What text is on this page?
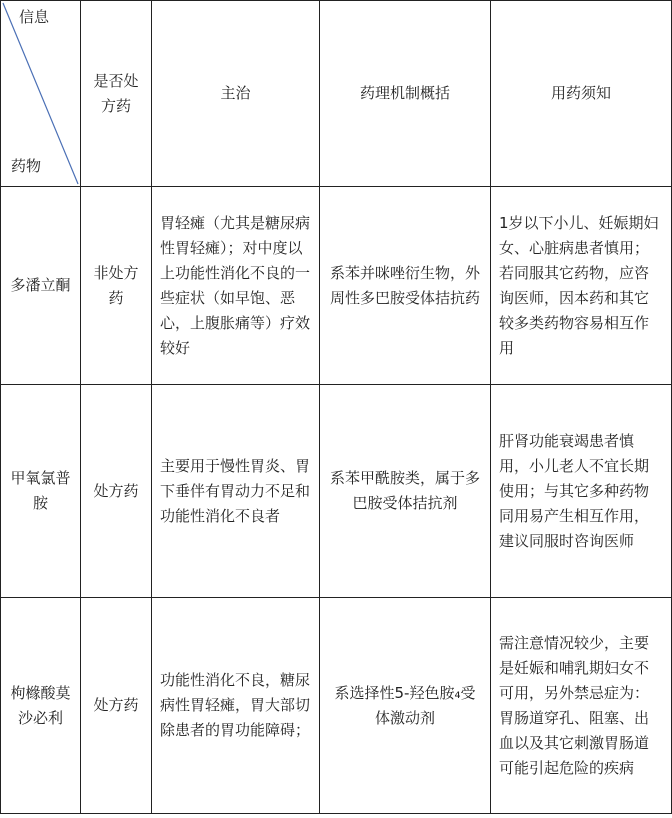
信息
药物	是否处方药	主治	药理机制概括	用药须知
多潘立酮	非处方药	胃轻瘫（尤其是糖尿病性胃轻瘫）；对中度以上功能性消化不良的一些症状（如早饱、恶心，上腹胀痛等）疗效较好	系苯并咪唑衍生物，外周性多巴胺受体拮抗药	1岁以下小儿、妊娠期妇女、心脏病患者慎用；若同服其它药物，应咨询医师，因本药和其它较多类药物容易相互作用
甲氧氯普胺	处方药	主要用于慢性胃炎、胃下垂伴有胃动力不足和功能性消化不良者	系苯甲酰胺类，属于多巴胺受体拮抗剂	肝肾功能衰竭患者慎用，小儿老人不宜长期使用；与其它多种药物同用易产生相互作用，建议同服时咨询医师
枸橼酸莫沙必利	处方药	功能性消化不良，糖尿病性胃轻瘫，胃大部切除患者的胃功能障碍；	系选择性5-羟色胺₄受体激动剂	需注意情况较少，主要是妊娠和哺乳期妇女不可用，另外禁忌症为：胃肠道穿孔、阻塞、出血以及其它刺激胃肠道可能引起危险的疾病
